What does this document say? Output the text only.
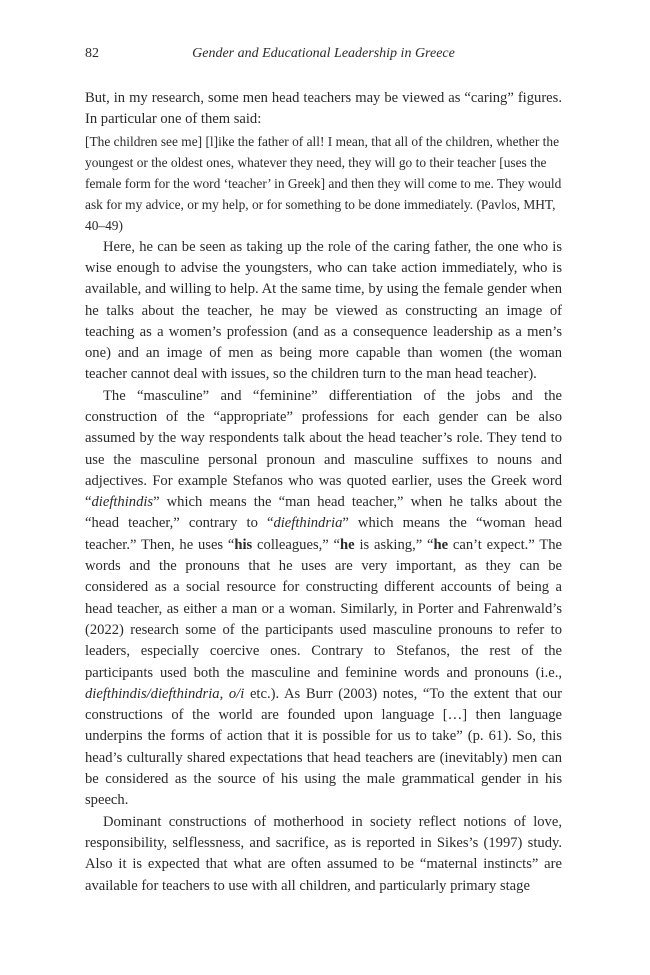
82	Gender and Educational Leadership in Greece

But, in my research, some men head teachers may be viewed as “caring” figures. In particular one of them said:

[The children see me] [l]ike the father of all! I mean, that all of the children, whether the youngest or the oldest ones, whatever they need, they will go to their teacher [uses the female form for the word ‘teacher’ in Greek] and then they will come to me. They would ask for my advice, or my help, or for something to be done immediately. (Pavlos, MHT, 40–49)

Here, he can be seen as taking up the role of the caring father, the one who is wise enough to advise the youngsters, who can take action immediately, who is available, and willing to help. At the same time, by using the female gender when he talks about the teacher, he may be viewed as constructing an image of teaching as a women’s profession (and as a consequence leadership as a men’s one) and an image of men as being more capable than women (the woman teacher cannot deal with issues, so the children turn to the man head teacher).

The “masculine” and “feminine” differentiation of the jobs and the construction of the “appropriate” professions for each gender can be also assumed by the way respondents talk about the head teacher’s role. They tend to use the masculine personal pronoun and masculine suffixes to nouns and adjectives. For example Stefanos who was quoted earlier, uses the Greek word “diefthindis” which means the “man head teacher,” when he talks about the “head teacher,” contrary to “diefthindria” which means the “woman head teacher.” Then, he uses “his colleagues,” “he is asking,” “he can’t expect.” The words and the pronouns that he uses are very important, as they can be considered as a social resource for constructing different accounts of being a head teacher, as either a man or a woman. Similarly, in Porter and Fahrenwald’s (2022) research some of the participants used masculine pronouns to refer to leaders, especially coercive ones. Contrary to Stefanos, the rest of the participants used both the masculine and feminine words and pronouns (i.e., diefthindis/diefthindria, o/i etc.). As Burr (2003) notes, “To the extent that our constructions of the world are founded upon language […] then language underpins the forms of action that it is possible for us to take” (p. 61). So, this head’s culturally shared expectations that head teachers are (inevitably) men can be considered as the source of his using the male grammatical gender in his speech.

Dominant constructions of motherhood in society reflect notions of love, responsibility, selflessness, and sacrifice, as is reported in Sikes’s (1997) study. Also it is expected that what are often assumed to be “maternal instincts” are available for teachers to use with all children, and particularly primary stage
